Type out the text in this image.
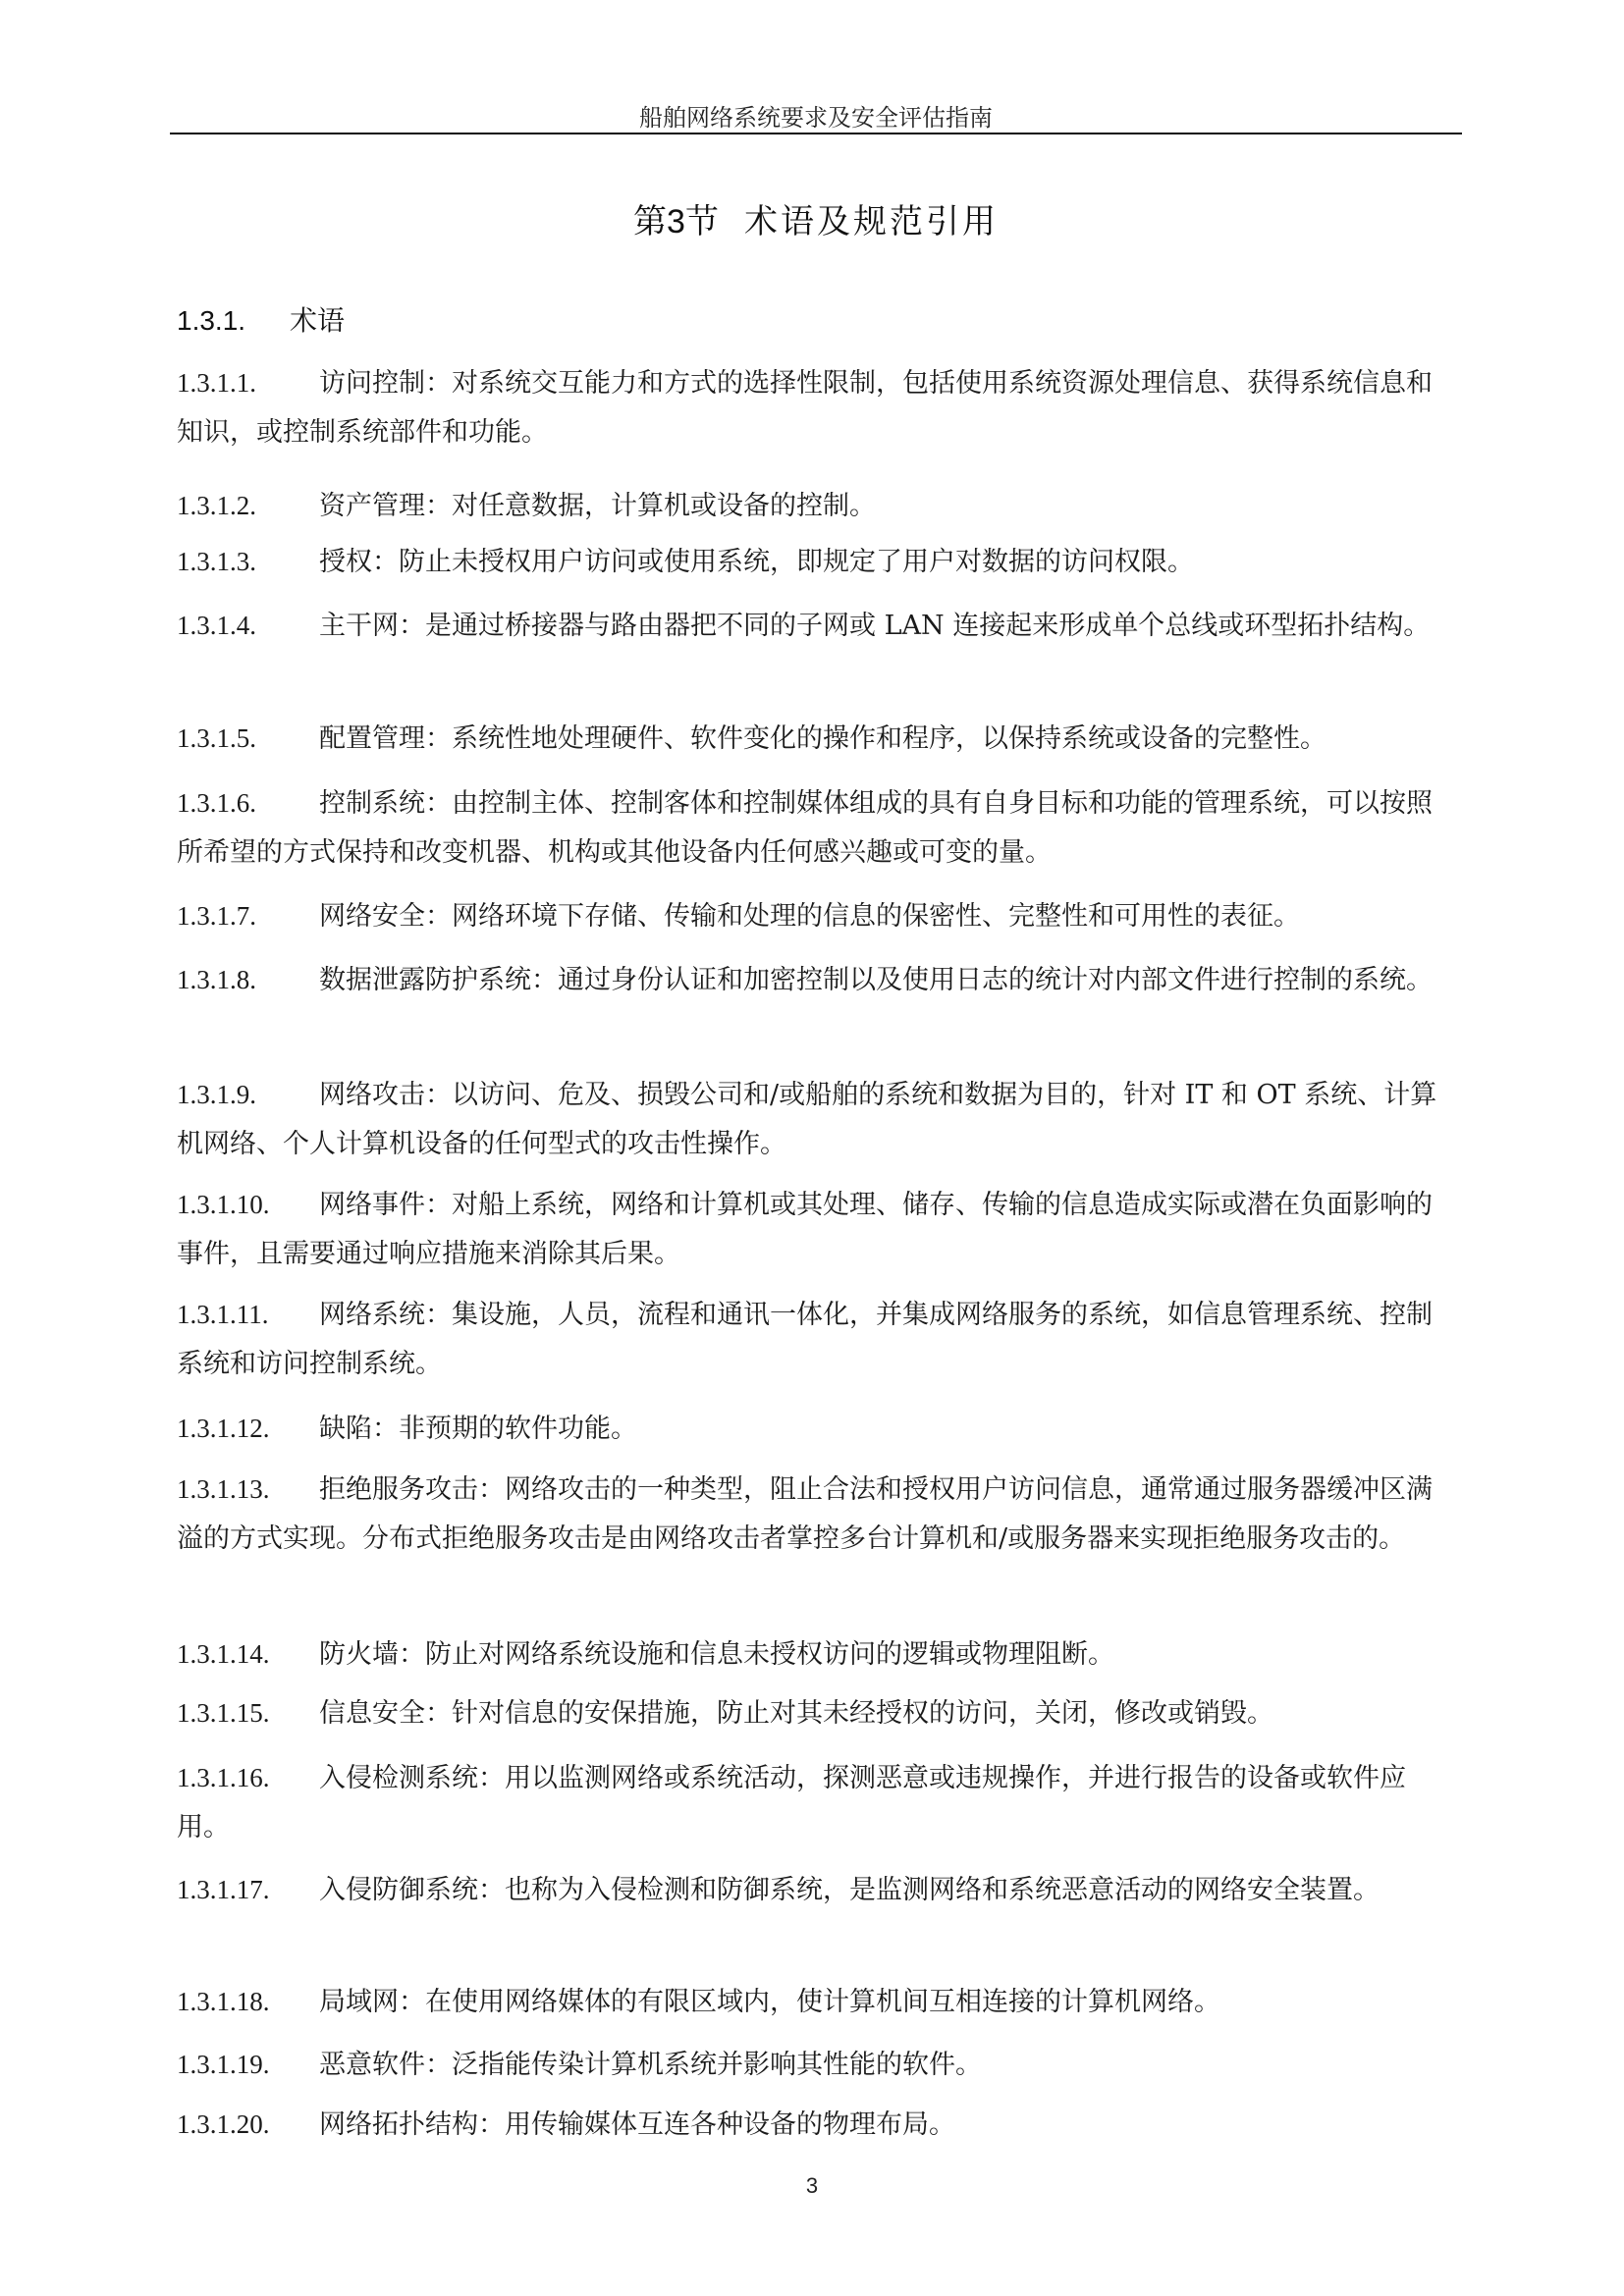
船舶网络系统要求及安全评估指南
第3节 术语及规范引用
1.3.1. 术语
1.3.1.1. 访问控制：对系统交互能力和方式的选择性限制，包括使用系统资源处理信息、获得系统信息和知识，或控制系统部件和功能。
1.3.1.2. 资产管理：对任意数据，计算机或设备的控制。
1.3.1.3. 授权：防止未授权用户访问或使用系统，即规定了用户对数据的访问权限。
1.3.1.4. 主干网：是通过桥接器与路由器把不同的子网或 LAN 连接起来形成单个总线或环型拓扑结构。
1.3.1.5. 配置管理：系统性地处理硬件、软件变化的操作和程序，以保持系统或设备的完整性。
1.3.1.6. 控制系统：由控制主体、控制客体和控制媒体组成的具有自身目标和功能的管理系统，可以按照所希望的方式保持和改变机器、机构或其他设备内任何感兴趣或可变的量。
1.3.1.7. 网络安全：网络环境下存储、传输和处理的信息的保密性、完整性和可用性的表征。
1.3.1.8. 数据泄露防护系统：通过身份认证和加密控制以及使用日志的统计对内部文件进行控制的系统。
1.3.1.9. 网络攻击：以访问、危及、损毁公司和/或船舶的系统和数据为目的，针对 IT 和 OT 系统、计算机网络、个人计算机设备的任何型式的攻击性操作。
1.3.1.10. 网络事件：对船上系统，网络和计算机或其处理、储存、传输的信息造成实际或潜在负面影响的事件，且需要通过响应措施来消除其后果。
1.3.1.11. 网络系统：集设施，人员，流程和通讯一体化，并集成网络服务的系统，如信息管理系统、控制系统和访问控制系统。
1.3.1.12. 缺陷：非预期的软件功能。
1.3.1.13. 拒绝服务攻击：网络攻击的一种类型，阻止合法和授权用户访问信息，通常通过服务器缓冲区满溢的方式实现。分布式拒绝服务攻击是由网络攻击者掌控多台计算机和/或服务器来实现拒绝服务攻击的。
1.3.1.14. 防火墙：防止对网络系统设施和信息未授权访问的逻辑或物理阻断。
1.3.1.15. 信息安全：针对信息的安保措施，防止对其未经授权的访问，关闭，修改或销毁。
1.3.1.16. 入侵检测系统：用以监测网络或系统活动，探测恶意或违规操作，并进行报告的设备或软件应用。
1.3.1.17. 入侵防御系统：也称为入侵检测和防御系统，是监测网络和系统恶意活动的网络安全装置。
1.3.1.18. 局域网：在使用网络媒体的有限区域内，使计算机间互相连接的计算机网络。
1.3.1.19. 恶意软件：泛指能传染计算机系统并影响其性能的软件。
1.3.1.20. 网络拓扑结构：用传输媒体互连各种设备的物理布局。
3
